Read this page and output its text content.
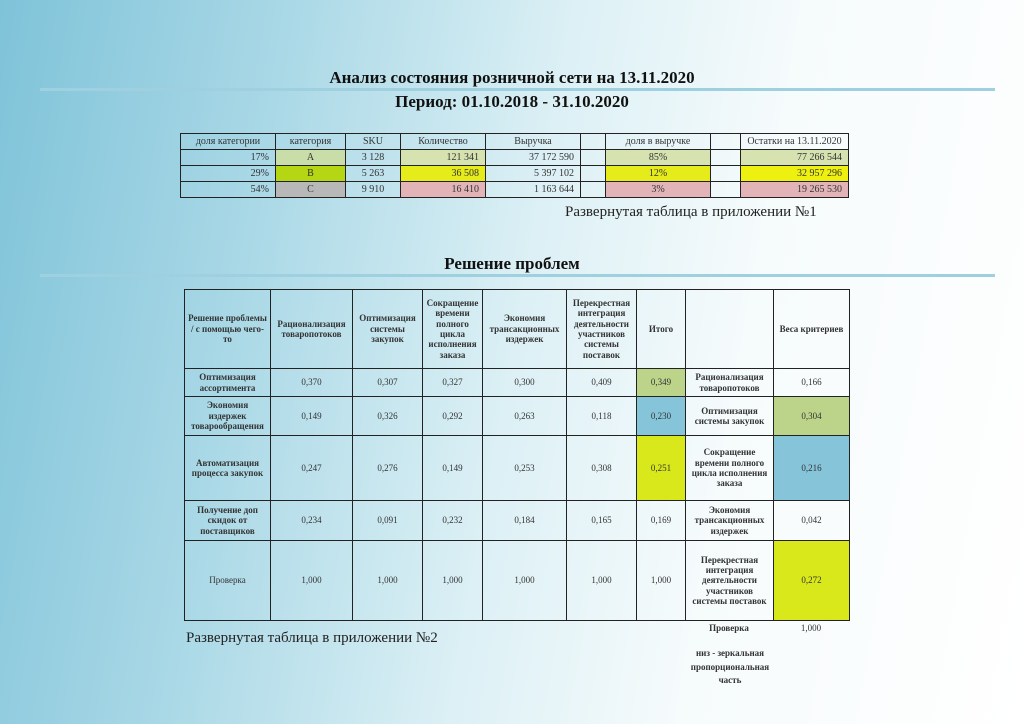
Анализ состояния розничной сети на 13.11.2020
Период: 01.10.2018 - 31.10.2020
доля категории	категория	SKU	Количество	Выручка		доля в выручке		Остатки на 13.11.2020
17%	A	3 128	121 341	37 172 590		85%		77 266 544
29%	B	5 263	36 508	5 397 102		12%		32 957 296
54%	C	9 910	16 410	1 163 644		3%		19 265 530
Развернутая таблица в приложении №1
Решение проблем
Решение проблемы / с помощью чего-то	Рационализация товаропотоков	Оптимизация системы закупок	Сокращение времени полного цикла исполнения заказа	Экономия трансакционных издержек	Перекрестная интеграция деятельности участников системы поставок	Итого		Веса критериев
Оптимизация ассортимента	0,370	0,307	0,327	0,300	0,409	0,349	Рационализация товаропотоков	0,166
Экономия издержек товарообращения	0,149	0,326	0,292	0,263	0,118	0,230	Оптимизация системы закупок	0,304
Автоматизация процесса закупок	0,247	0,276	0,149	0,253	0,308	0,251	Сокращение времени полного цикла исполнения заказа	0,216
Получение доп скидок от поставщиков	0,234	0,091	0,232	0,184	0,165	0,169	Экономия трансакционных издержек	0,042
Проверка	1,000	1,000	1,000	1,000	1,000	1,000	Перекрестная интеграция деятельности участников системы поставок	0,272
Развернутая таблица в приложении №2
Проверка	1,000
низ - зеркальная пропорциональная часть
